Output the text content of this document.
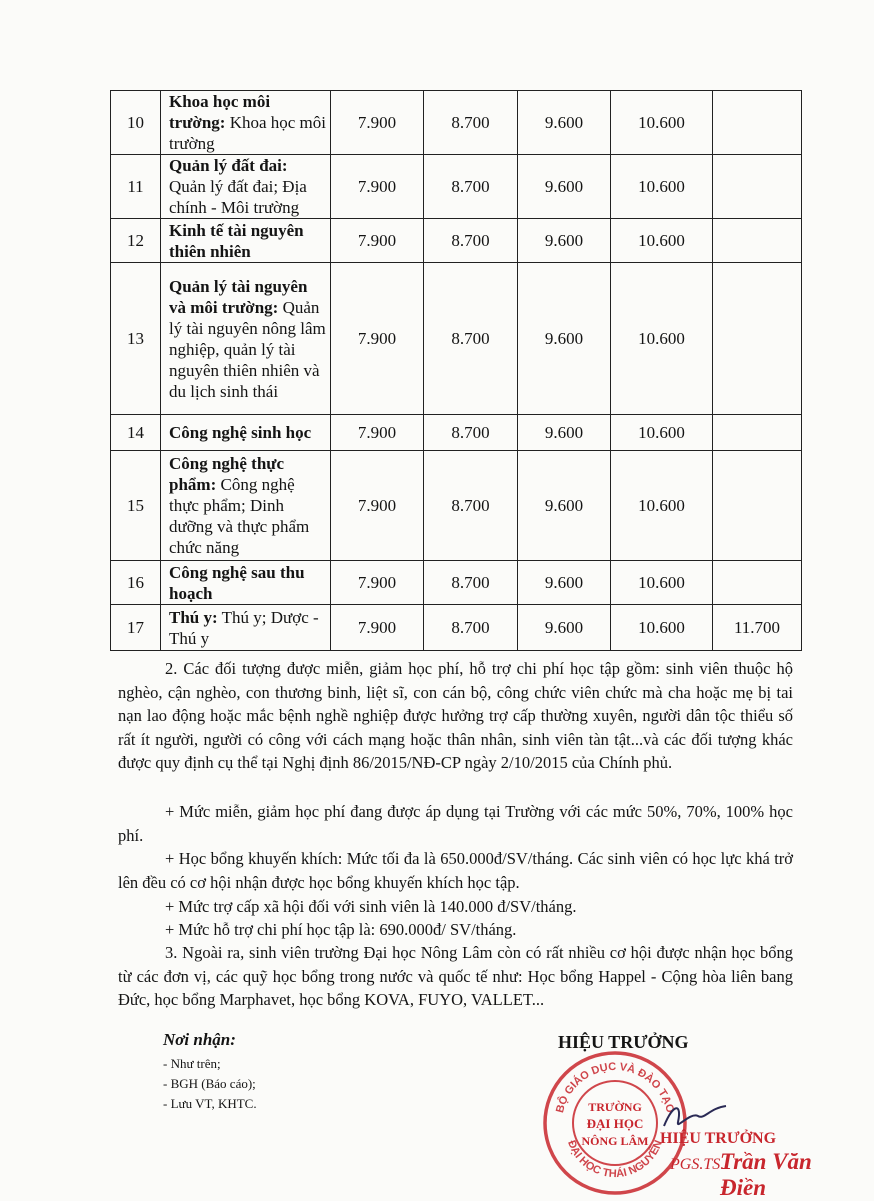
10	Khoa học môi trường: Khoa học môi trường	7.900	8.700	9.600	10.600	
11	Quản lý đất đai: Quản lý đất đai; Địa chính - Môi trường	7.900	8.700	9.600	10.600	
12	Kinh tế tài nguyên thiên nhiên	7.900	8.700	9.600	10.600	
13	Quản lý tài nguyên và môi trường: Quản lý tài nguyên nông lâm nghiệp, quản lý tài nguyên thiên nhiên và du lịch sinh thái	7.900	8.700	9.600	10.600	
14	Công nghệ sinh học	7.900	8.700	9.600	10.600	
15	Công nghệ thực phẩm: Công nghệ thực phẩm; Dinh dưỡng và thực phẩm chức năng	7.900	8.700	9.600	10.600	
16	Công nghệ sau thu hoạch	7.900	8.700	9.600	10.600	
17	Thú y: Thú y; Dược - Thú y	7.900	8.700	9.600	10.600	11.700

2. Các đối tượng được miễn, giảm học phí, hỗ trợ chi phí học tập gồm: sinh viên thuộc hộ nghèo, cận nghèo, con thương binh, liệt sĩ, con cán bộ, công chức viên chức mà cha hoặc mẹ bị tai nạn lao động hoặc mắc bệnh nghề nghiệp được hưởng trợ cấp thường xuyên, người dân tộc thiểu số rất ít người, người có công với cách mạng hoặc thân nhân, sinh viên tàn tật...và các đối tượng khác được quy định cụ thể tại Nghị định 86/2015/NĐ-CP ngày 2/10/2015 của Chính phủ.

+ Mức miễn, giảm học phí đang được áp dụng tại Trường với các mức 50%, 70%, 100% học phí.

+ Học bổng khuyến khích: Mức tối đa là 650.000đ/SV/tháng. Các sinh viên có học lực khá trở lên đều có cơ hội nhận được học bổng khuyến khích học tập.

+ Mức trợ cấp xã hội đối với sinh viên là 140.000 đ/SV/tháng.

+ Mức hỗ trợ chi phí học tập là: 690.000đ/ SV/tháng.

3. Ngoài ra, sinh viên trường Đại học Nông Lâm còn có rất nhiều cơ hội được nhận học bổng từ các đơn vị, các quỹ học bổng trong nước và quốc tế như: Học bổng Happel - Cộng hòa liên bang Đức, học bổng Marphavet, học bổng KOVA, FUYO, VALLET...

Nơi nhận:
- Như trên;
- BGH (Báo cáo);
- Lưu VT, KHTC.	BỘ GIÁO DỤC VÀ ĐÀO TẠO
ĐẠI HỌC THÁI NGUYÊN
TRƯỜNG
ĐẠI HỌC
NÔNG LÂM
HIỆU TRƯỞNG
HIỆU TRƯỞNG
PGS.TS.
Trần Văn Điền
